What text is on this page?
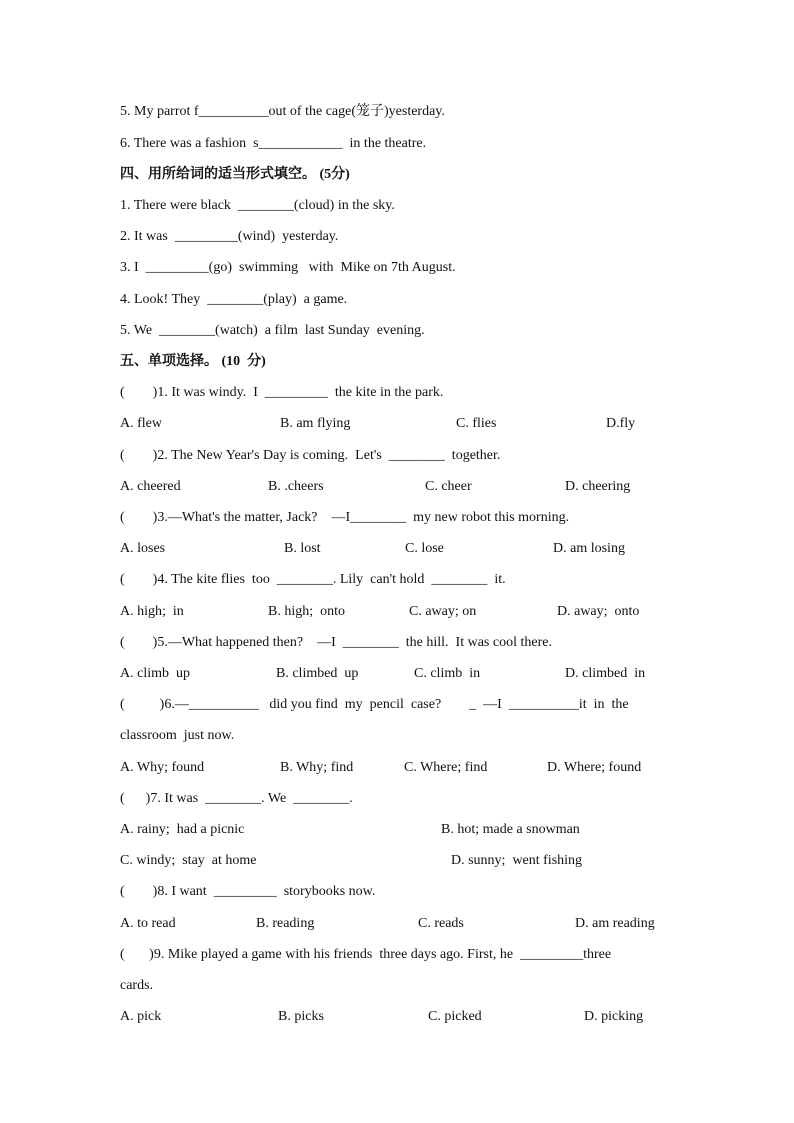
5. My parrot f__________out of the cage(笼子)yesterday.
6. There was a fashion  s____________  in the theatre.
四、用所给词的适当形式填空。 (5分)
1. There were black  ________(cloud) in the sky.
2. It was  _________(wind)  yesterday.
3. I  _________(go)  swimming   with  Mike on 7th August.
4. Look! They  ________(play)  a game.
5. We  ________(watch)  a film  last Sunday  evening.
五、单项选择。 (10  分)
(        )1. It was windy.  I  _________  the kite in the park.
A. flew	B. am flying	C. flies	D.fly
(        )2. The New Year's Day is coming.  Let's  ________  together.
A. cheered	B. .cheers	C. cheer	D. cheering
(        )3.—What's the matter, Jack?    —I________  my new robot this morning.
A. loses	B. lost	C. lose	D. am losing
(        )4. The kite flies  too  ________. Lily  can't hold  ________  it.
A. high;  in	B. high;  onto	C. away; on	D. away;  onto
(        )5.—What happened then?    —I  ________  the hill.  It was cool there.
A. climb  up	B. climbed  up	C. climb  in	D. climbed  in
(          )6.—__________   did you find  my  pencil  case?        _  —I  __________it  in  the
classroom  just now.
A. Why; found	B. Why; find	C. Where; find	D. Where; found
(      )7. It was  ________. We  ________.
A. rainy;  had a picnic	B. hot; made a snowman
C. windy;  stay  at home	D. sunny;  went fishing
(        )8. I want  _________  storybooks now.
A. to read	B. reading	C. reads	D. am reading
(       )9. Mike played a game with his friends  three days ago. First, he  _________three
cards.
A. pick	B. picks	C. picked	D. picking
